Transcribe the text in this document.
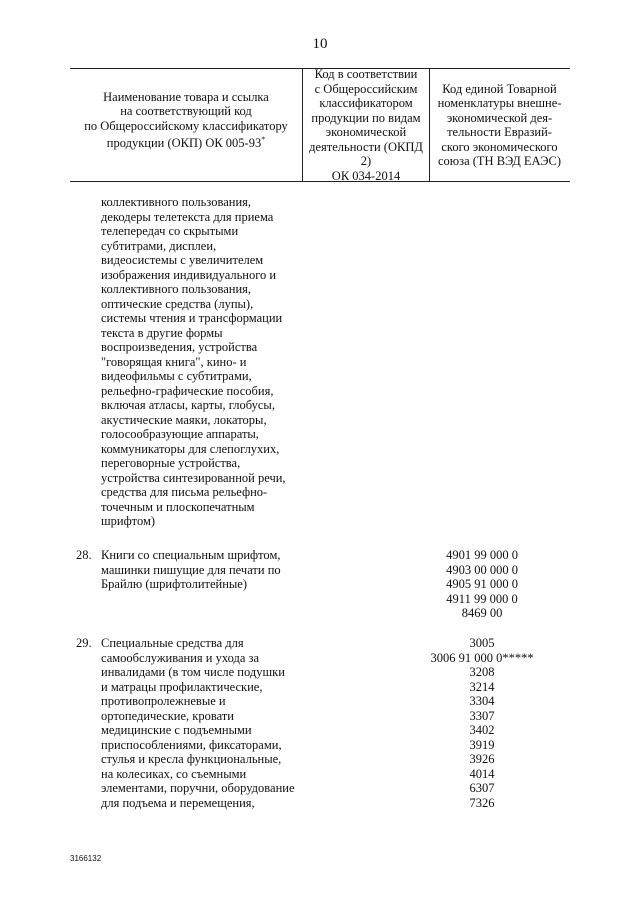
10
Наименование товара и ссылка
на соответствующий код
по Общероссийскому классификатору
продукции (ОКП) ОК 005-93*
Код в соответствии
с Общероссийским
классификатором
продукции по видам
экономической
деятельности (ОКПД 2)
ОК 034-2014
Код единой Товарной
номенклатуры внешне-
экономической дея-
тельности Евразий-
ского экономического
союза (ТН ВЭД ЕАЭС)
коллективного пользования,
декодеры телетекста для приема
телепередач со скрытыми
субтитрами, дисплеи,
видеосистемы с увеличителем
изображения индивидуального и
коллективного пользования,
оптические средства (лупы),
системы чтения и трансформации
текста в другие формы
воспроизведения, устройства
"говорящая книга", кино- и
видеофильмы с субтитрами,
рельефно-графические пособия,
включая атласы, карты, глобусы,
акустические маяки, локаторы,
голосообразующие аппараты,
коммуникаторы для слепоглухих,
переговорные устройства,
устройства синтезированной речи,
средства для письма рельефно-
точечным и плоскопечатным
шрифтом)
28. Книги со специальным шрифтом,
машинки пишущие для печати по
Брайлю (шрифтолитейные)
4901 99 000 0
4903 00 000 0
4905 91 000 0
4911 99 000 0
8469 00
29. Специальные средства для
самообслуживания и ухода за
инвалидами (в том числе подушки
и матрацы профилактические,
противопролежневые и
ортопедические, кровати
медицинские с подъемными
приспособлениями, фиксаторами,
стулья и кресла функциональные,
на колесиках, со съемными
элементами, поручни, оборудование
для подъема и перемещения,
3005
3006 91 000 0*****
3208
3214
3304
3307
3402
3919
3926
4014
6307
7326
3166132
